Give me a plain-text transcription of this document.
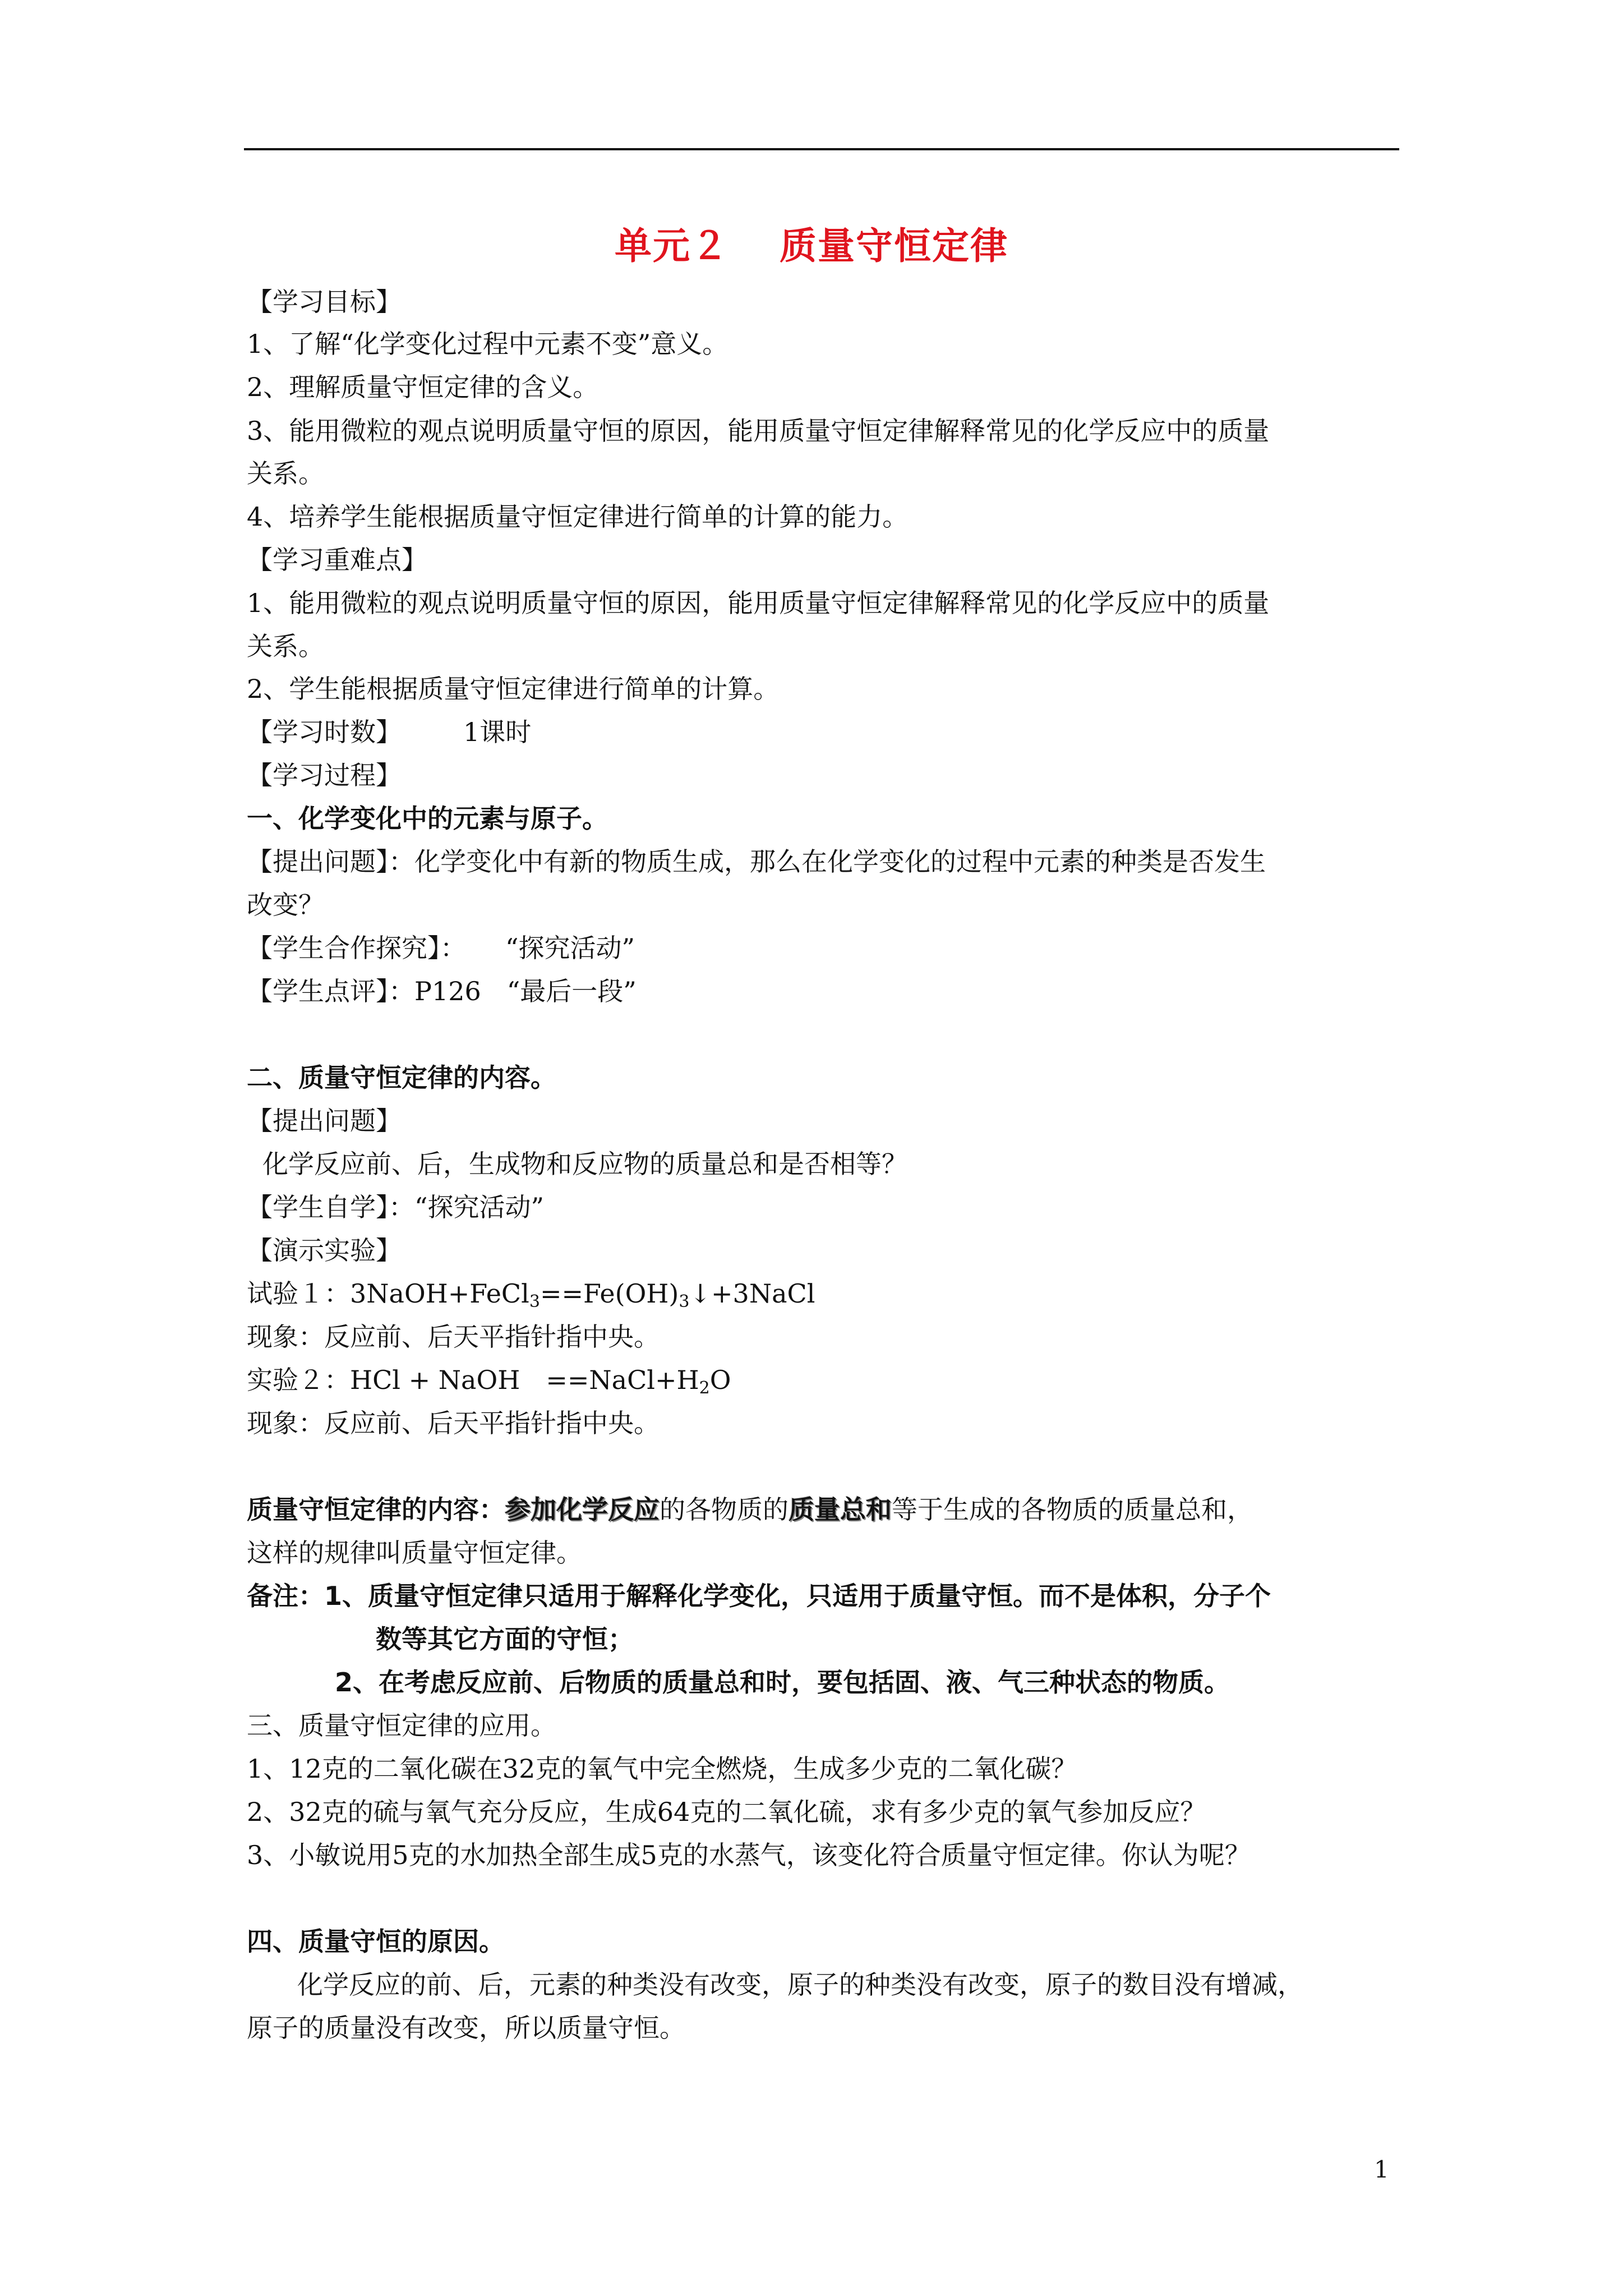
单元２ 质量守恒定律
【学习目标】
1、了解“化学变化过程中元素不变”意义。
2、理解质量守恒定律的含义。
3、能用微粒的观点说明质量守恒的原因，能用质量守恒定律解释常见的化学反应中的质量
关系。
4、培养学生能根据质量守恒定律进行简单的计算的能力。
【学习重难点】
1、能用微粒的观点说明质量守恒的原因，能用质量守恒定律解释常见的化学反应中的质量
关系。
2、学生能根据质量守恒定律进行简单的计算。
【学习时数】 1课时
【学习过程】
一、化学变化中的元素与原子。
【提出问题】：化学变化中有新的物质生成，那么在化学变化的过程中元素的种类是否发生
改变？
【学生合作探究】： “探究活动”
【学生点评】：P126　“最后一段”
二、质量守恒定律的内容。
【提出问题】
化学反应前、后，生成物和反应物的质量总和是否相等？
【学生自学】：“探究活动”
【演示实验】
试验１：$3NaOH+FeCl_3==Fe(OH)_3↓+3NaCl$
现象：反应前、后天平指针指中央。
实验２：HCl + NaOH　$==NaCl+H_2O$
现象：反应前、后天平指针指中央。
质量守恒定律的内容：参加化学反应的各物质的质量总和等于生成的各物质的质量总和，
这样的规律叫质量守恒定律。
备注：1、质量守恒定律只适用于解释化学变化，只适用于质量守恒。而不是体积，分子个
数等其它方面的守恒；
2、在考虑反应前、后物质的质量总和时，要包括固、液、气三种状态的物质。
三、质量守恒定律的应用。
1、12克的二氧化碳在32克的氧气中完全燃烧，生成多少克的二氧化碳？
2、32克的硫与氧气充分反应，生成64克的二氧化硫，求有多少克的氧气参加反应？
3、小敏说用5克的水加热全部生成5克的水蒸气，该变化符合质量守恒定律。你认为呢？
四、质量守恒的原因。
化学反应的前、后，元素的种类没有改变，原子的种类没有改变，原子的数目没有增减，
原子的质量没有改变，所以质量守恒。
1
